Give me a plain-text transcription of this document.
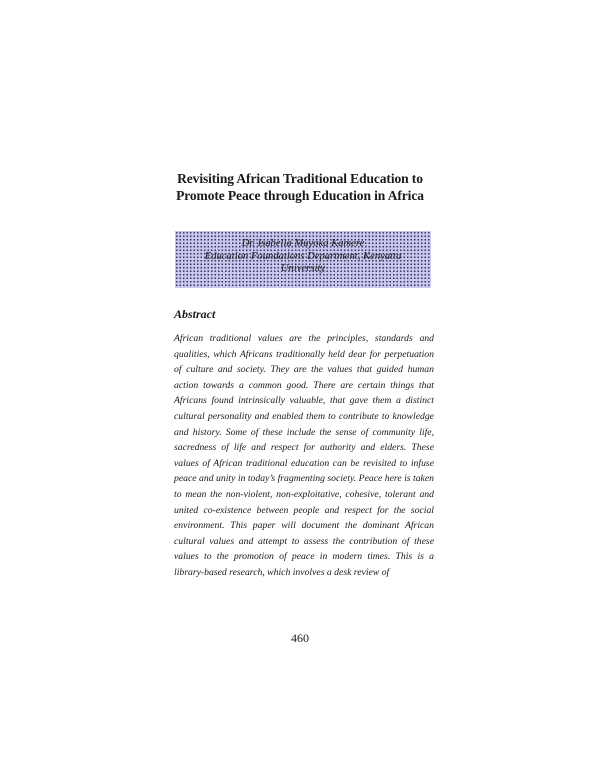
Revisiting African Traditional Education to Promote Peace through Education in Africa
Dr. Isabella Muyoka Kamere
Education Foundations Department, Kenyatta University
Abstract
African traditional values are the principles, standards and qualities, which Africans traditionally held dear for perpetuation of culture and society. They are the values that guided human action towards a common good. There are certain things that Africans found intrinsically valuable, that gave them a distinct cultural personality and enabled them to contribute to knowledge and history. Some of these include the sense of community life, sacredness of life and respect for authority and elders. These values of African traditional education can be revisited to infuse peace and unity in today’s fragmenting society. Peace here is taken to mean the non-violent, non-exploitative, cohesive, tolerant and united co-existence between people and respect for the social environment. This paper will document the dominant African cultural values and attempt to assess the contribution of these values to the promotion of peace in modern times. This is a library-based research, which involves a desk review of
460
